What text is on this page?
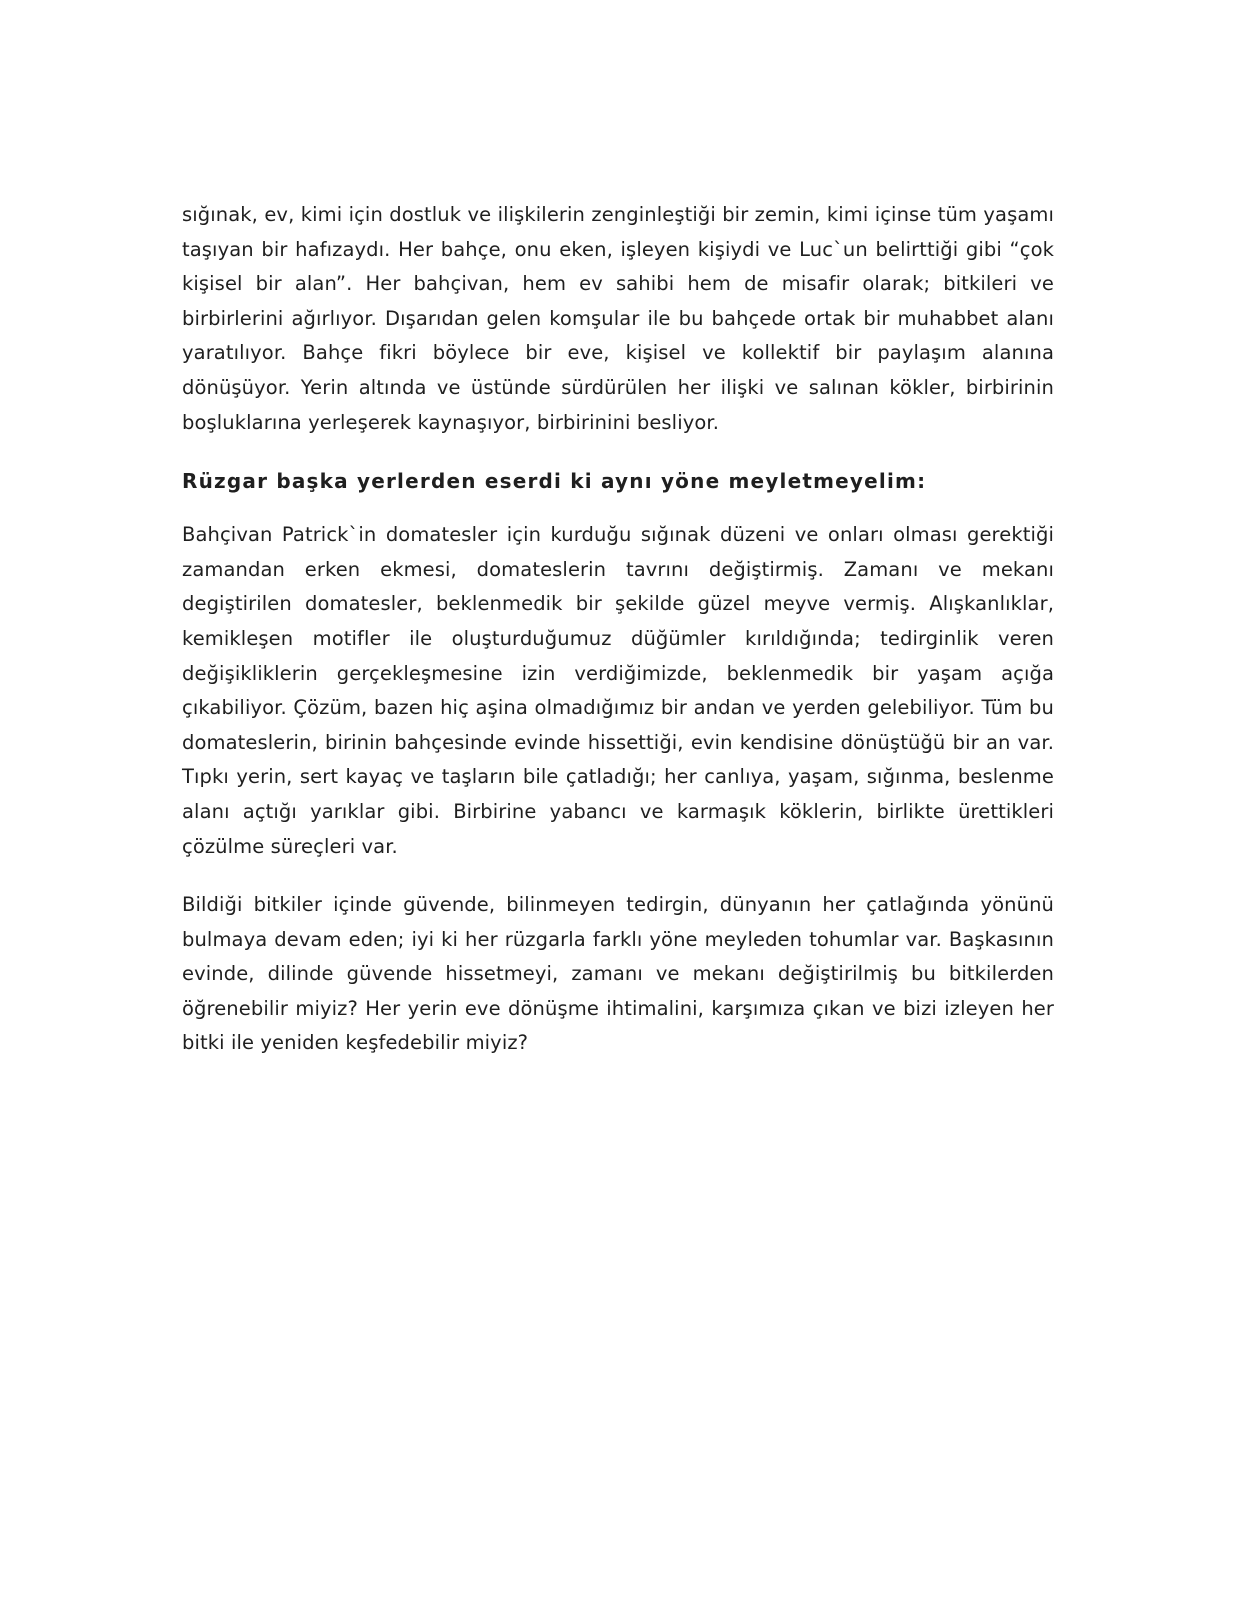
sığınak, ev, kimi için dostluk ve ilişkilerin zenginleştiği bir zemin, kimi içinse tüm yaşamı taşıyan bir hafızaydı. Her bahçe, onu eken, işleyen kişiydi ve Luc`un belirttiği gibi “çok kişisel bir alan”. Her bahçivan, hem ev sahibi hem de misafir olarak; bitkileri ve birbirlerini ağırlıyor. Dışarıdan gelen komşular ile bu bahçede ortak bir muhabbet alanı yaratılıyor. Bahçe fikri böylece bir eve, kişisel ve kollektif bir paylaşım alanına dönüşüyor. Yerin altında ve üstünde sürdürülen her ilişki ve salınan kökler, birbirinin boşluklarına yerleşerek kaynaşıyor, birbirinini besliyor.

Rüzgar başka yerlerden eserdi ki aynı yöne meyletmeyelim:

Bahçivan Patrick`in domatesler için kurduğu sığınak düzeni ve onları olması gerektiği zamandan erken ekmesi, domateslerin tavrını değiştirmiş. Zamanı ve mekanı degiştirilen domatesler, beklenmedik bir şekilde güzel meyve vermiş. Alışkanlıklar, kemikleşen motifler ile oluşturduğumuz düğümler kırıldığında; tedirginlik veren değişikliklerin gerçekleşmesine izin verdiğimizde, beklenmedik bir yaşam açığa çıkabiliyor. Çözüm, bazen hiç aşina olmadığımız bir andan ve yerden gelebiliyor. Tüm bu domateslerin, birinin bahçesinde evinde hissettiği, evin kendisine dönüştüğü bir an var. Tıpkı yerin, sert kayaç ve taşların bile çatladığı; her canlıya, yaşam, sığınma, beslenme alanı açtığı yarıklar gibi. Birbirine yabancı ve karmaşık köklerin, birlikte ürettikleri çözülme süreçleri var.

Bildiği bitkiler içinde güvende, bilinmeyen tedirgin, dünyanın her çatlağında yönünü bulmaya devam eden; iyi ki her rüzgarla farklı yöne meyleden tohumlar var. Başkasının evinde, dilinde güvende hissetmeyi, zamanı ve mekanı değiştirilmiş bu bitkilerden öğrenebilir miyiz? Her yerin eve dönüşme ihtimalini, karşımıza çıkan ve bizi izleyen her bitki ile yeniden keşfedebilir miyiz?
